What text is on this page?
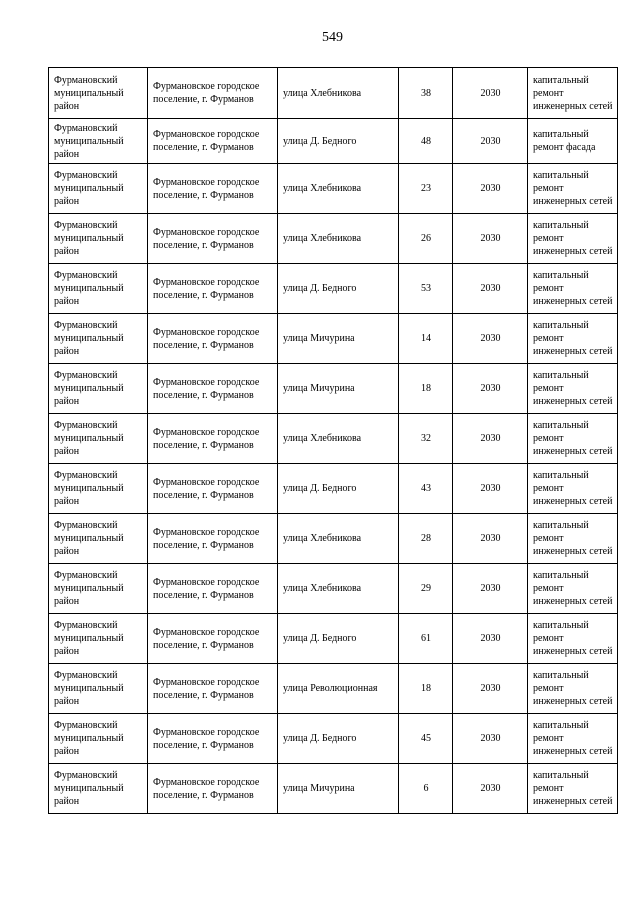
549
Фурмановский муниципальный район	Фурмановское городское поселение, г. Фурманов	улица Хлебникова	38	2030	капитальный ремонт инженерных сетей
Фурмановский муниципальный район	Фурмановское городское поселение, г. Фурманов	улица Д. Бедного	48	2030	капитальный ремонт фасада
Фурмановский муниципальный район	Фурмановское городское поселение, г. Фурманов	улица Хлебникова	23	2030	капитальный ремонт инженерных сетей
Фурмановский муниципальный район	Фурмановское городское поселение, г. Фурманов	улица Хлебникова	26	2030	капитальный ремонт инженерных сетей
Фурмановский муниципальный район	Фурмановское городское поселение, г. Фурманов	улица Д. Бедного	53	2030	капитальный ремонт инженерных сетей
Фурмановский муниципальный район	Фурмановское городское поселение, г. Фурманов	улица Мичурина	14	2030	капитальный ремонт инженерных сетей
Фурмановский муниципальный район	Фурмановское городское поселение, г. Фурманов	улица Мичурина	18	2030	капитальный ремонт инженерных сетей
Фурмановский муниципальный район	Фурмановское городское поселение, г. Фурманов	улица Хлебникова	32	2030	капитальный ремонт инженерных сетей
Фурмановский муниципальный район	Фурмановское городское поселение, г. Фурманов	улица Д. Бедного	43	2030	капитальный ремонт инженерных сетей
Фурмановский муниципальный район	Фурмановское городское поселение, г. Фурманов	улица Хлебникова	28	2030	капитальный ремонт инженерных сетей
Фурмановский муниципальный район	Фурмановское городское поселение, г. Фурманов	улица Хлебникова	29	2030	капитальный ремонт инженерных сетей
Фурмановский муниципальный район	Фурмановское городское поселение, г. Фурманов	улица Д. Бедного	61	2030	капитальный ремонт инженерных сетей
Фурмановский муниципальный район	Фурмановское городское поселение, г. Фурманов	улица Революционная	18	2030	капитальный ремонт инженерных сетей
Фурмановский муниципальный район	Фурмановское городское поселение, г. Фурманов	улица Д. Бедного	45	2030	капитальный ремонт инженерных сетей
Фурмановский муниципальный район	Фурмановское городское поселение, г. Фурманов	улица Мичурина	6	2030	капитальный ремонт инженерных сетей
